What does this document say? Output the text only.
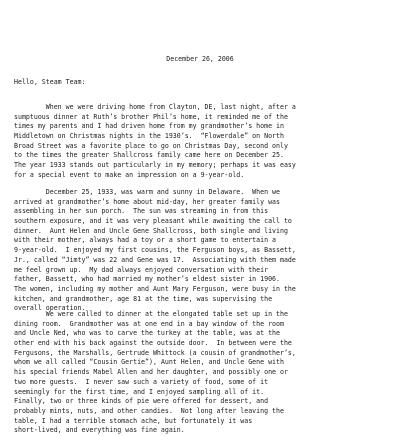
December 26, 2006
Hello, Steam Team:
When we were driving home from Clayton, DE, last night, after a
sumptuous dinner at Ruth’s brother Phil’s home, it reminded me of the
times my parents and I had driven home from my grandmother’s home in
Middletown on Christmas nights in the 1930’s.  “Flowerdale” on North
Broad Street was a favorite place to go on Christmas Day, second only
to the times the greater Shallcross family came here on December 25.
The year 1933 stands out particularly in my memory; perhaps it was easy
for a special event to make an impression on a 9-year-old.
December 25, 1933, was warm and sunny in Delaware.  When we
arrived at grandmother’s home about mid-day, her greater family was
assembling in her sun porch.  The sun was streaming in from this
southern exposure, and it was very pleasant while awaiting the call to
dinner.  Aunt Helen and Uncle Gene Shallcross, both single and living
with their mother, always had a toy or a short game to entertain a
9-year-old.  I enjoyed my first cousins, the Ferguson boys, as Bassett,
Jr., called “Jimty” was 22 and Gene was 17.  Associating with them made
me feel grown up.  My dad always enjoyed conversation with their
father, Bassett, who had married my mother’s eldest sister in 1906.
The women, including my mother and Aunt Mary Ferguson, were busy in the
kitchen, and grandmother, age 81 at the time, was supervising the
overall operation.
We were called to dinner at the elongated table set up in the
dining room.  Grandmother was at one end in a bay window of the room
and Uncle Ned, who was to carve the turkey at the table, was at the
other end with his back against the outside door.  In between were the
Fergusons, the Marshalls, Gertrude Whittock (a cousin of grandmother’s,
whom we all called “Cousin Gertie”), Aunt Helen, and Uncle Gene with
his special friends Mabel Allen and her daughter, and possibly one or
two more guests.  I never saw such a variety of food, some of it
seemingly for the first time, and I enjoyed sampling all of it.
Finally, two or three kinds of pie were offered for dessert, and
probably mints, nuts, and other candies.  Not long after leaving the
table, I had a terrible stomach ache, but fortunately it was
short-lived, and everything was fine again.
